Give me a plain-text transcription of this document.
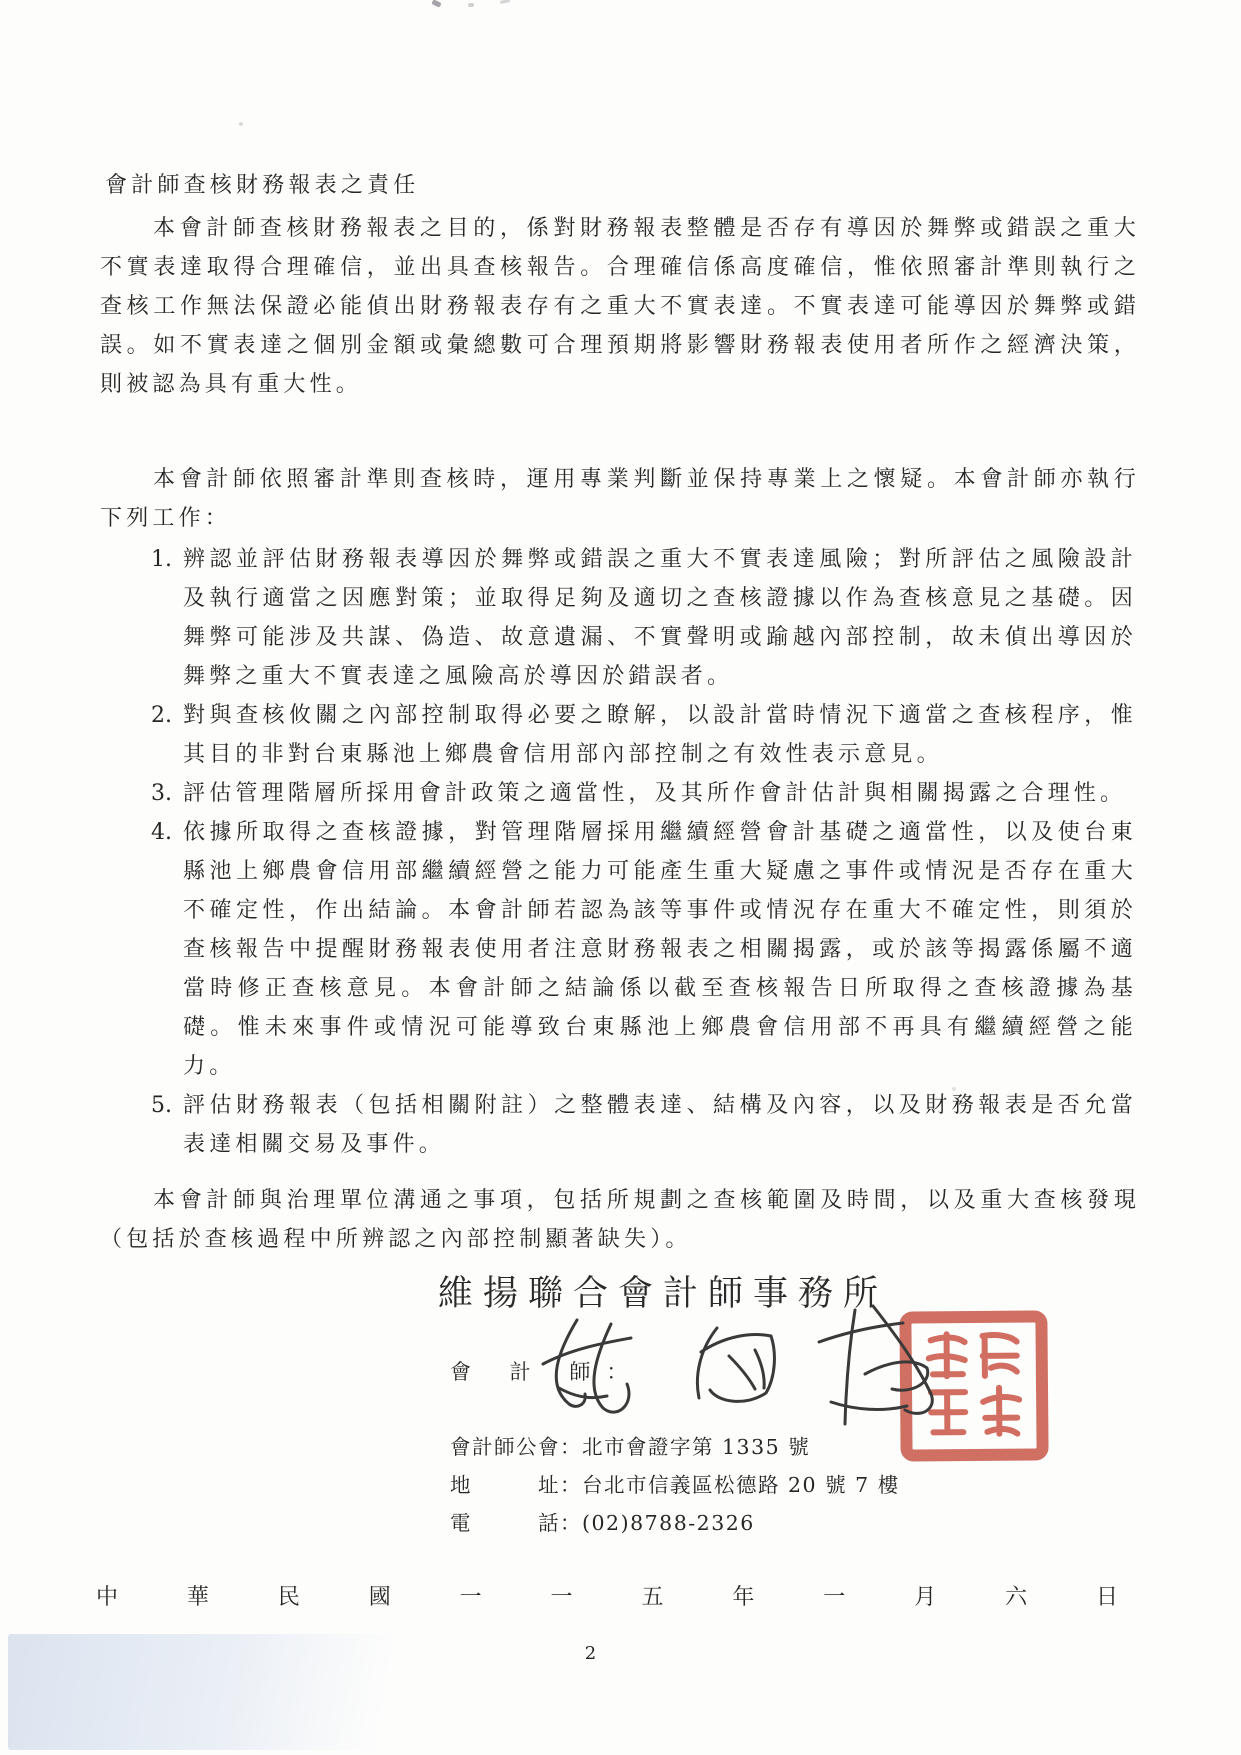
會計師查核財務報表之責任
本會計師查核財務報表之目的，係對財務報表整體是否存有導因於舞弊或錯誤之重大不實表達取得合理確信，並出具查核報告。合理確信係高度確信，惟依照審計準則執行之查核工作無法保證必能偵出財務報表存有之重大不實表達。不實表達可能導因於舞弊或錯誤。如不實表達之個別金額或彙總數可合理預期將影響財務報表使用者所作之經濟決策，則被認為具有重大性。
本會計師依照審計準則查核時，運用專業判斷並保持專業上之懷疑。本會計師亦執行下列工作：
1. 辨認並評估財務報表導因於舞弊或錯誤之重大不實表達風險；對所評估之風險設計及執行適當之因應對策；並取得足夠及適切之查核證據以作為查核意見之基礎。因舞弊可能涉及共謀、偽造、故意遺漏、不實聲明或踰越內部控制，故未偵出導因於舞弊之重大不實表達之風險高於導因於錯誤者。
2. 對與查核攸關之內部控制取得必要之瞭解，以設計當時情況下適當之查核程序，惟其目的非對台東縣池上鄉農會信用部內部控制之有效性表示意見。
3. 評估管理階層所採用會計政策之適當性，及其所作會計估計與相關揭露之合理性。
4. 依據所取得之查核證據，對管理階層採用繼續經營會計基礎之適當性，以及使台東縣池上鄉農會信用部繼續經營之能力可能產生重大疑慮之事件或情況是否存在重大不確定性，作出結論。本會計師若認為該等事件或情況存在重大不確定性，則須於查核報告中提醒財務報表使用者注意財務報表之相關揭露，或於該等揭露係屬不適當時修正查核意見。本會計師之結論係以截至查核報告日所取得之查核證據為基礎。惟未來事件或情況可能導致台東縣池上鄉農會信用部不再具有繼續經營之能力。
5. 評估財務報表（包括相關附註）之整體表達、結構及內容，以及財務報表是否允當表達相關交易及事件。
本會計師與治理單位溝通之事項，包括所規劃之查核範圍及時間，以及重大查核發現（包括於查核過程中所辨認之內部控制顯著缺失）。
維揚聯合會計師事務所
會 計 師：
會計師公會：北市會證字第 1335 號
地　　　址：台北市信義區松德路 20 號 7 樓
電　　　話：(02)8788-2326
中	華	民	國	一	一	五	年	一	月	六	日
2
